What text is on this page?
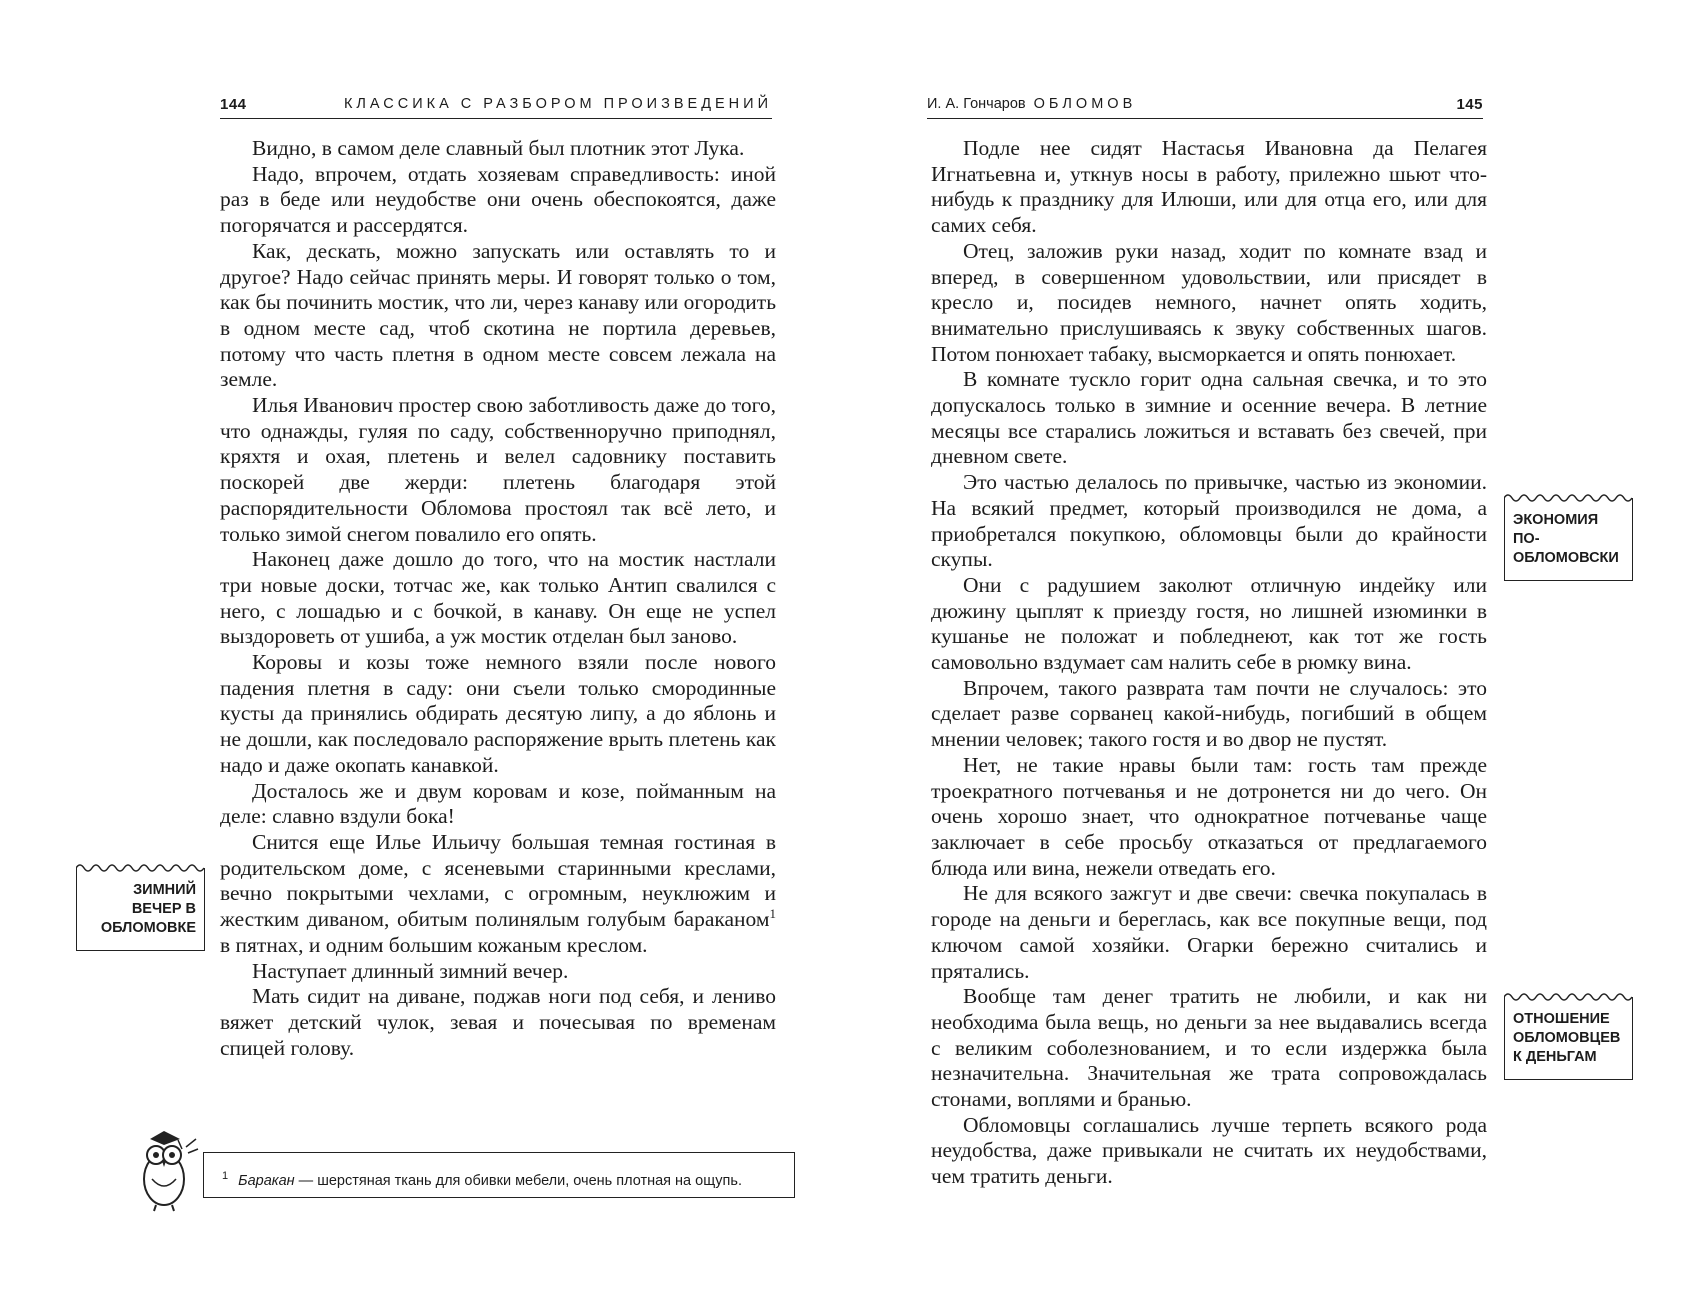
144	КЛАССИКА С РАЗБОРОМ ПРОИЗВЕДЕНИЙ

Видно, в самом деле славный был плотник этот Лука.

Надо, впрочем, отдать хозяевам справедливость: иной раз в беде или неудобстве они очень обеспокоятся, даже погорячатся и рассердятся.

Как, дескать, можно запускать или оставлять то и другое? Надо сейчас принять меры. И говорят только о том, как бы починить мостик, что ли, через канаву или огородить в одном месте сад, чтоб скотина не портила деревьев, потому что часть плетня в одном месте совсем лежала на земле.

Илья Иванович простер свою заботливость даже до того, что однажды, гуляя по саду, собственноручно приподнял, кряхтя и охая, плетень и велел садовнику поставить поскорей две жерди: плетень благодаря этой распорядительности Обломова простоял так всё лето, и только зимой снегом повалило его опять.

Наконец даже дошло до того, что на мостик настлали три новые доски, тотчас же, как только Антип свалился с него, с лошадью и с бочкой, в канаву. Он еще не успел выздороветь от ушиба, а уж мостик отделан был заново.

Коровы и козы тоже немного взяли после нового падения плетня в саду: они съели только смородинные кусты да принялись обдирать десятую липу, а до яблонь и не дошли, как последовало распоряжение врыть плетень как надо и даже окопать канавкой.

Досталось же и двум коровам и козе, пойманным на деле: славно вздули бока!

Снится еще Илье Ильичу большая темная гостиная в родительском доме, с ясеневыми старинными креслами, вечно покрытыми чехлами, с огромным, неуклюжим и жестким диваном, обитым полинялым голубым бараканом$^1$ в пятнах, и одним большим кожаным креслом.

Наступает длинный зимний вечер.

Мать сидит на диване, поджав ноги под себя, и лениво вяжет детский чулок, зевая и почесывая по временам спицей голову.

ЗИМНИЙ ВЕЧЕР В ОБЛОМОВКЕ
$^1$ Баракан — шерстяная ткань для обивки мебели, очень плотная на ощупь.
И. А. Гончаров ОБЛОМОВ	145

Подле нее сидят Настасья Ивановна да Пелагея Игнатьевна и, уткнув носы в работу, прилежно шьют что-нибудь к празднику для Илюши, или для отца его, или для самих себя.

Отец, заложив руки назад, ходит по комнате взад и вперед, в совершенном удовольствии, или присядет в кресло и, посидев немного, начнет опять ходить, внимательно прислушиваясь к звуку собственных шагов. Потом понюхает табаку, высморкается и опять понюхает.

В комнате тускло горит одна сальная свечка, и то это допускалось только в зимние и осенние вечера. В летние месяцы все старались ложиться и вставать без свечей, при дневном свете.

Это частью делалось по привычке, частью из экономии. На всякий предмет, который производился не дома, а приобретался покупкою, обломовцы были до крайности скупы.

Они с радушием заколют отличную индейку или дюжину цыплят к приезду гостя, но лишней изюминки в кушанье не положат и побледнеют, как тот же гость самовольно вздумает сам налить себе в рюмку вина.

Впрочем, такого разврата там почти не случалось: это сделает разве сорванец какой-нибудь, погибший в общем мнении человек; такого гостя и во двор не пустят.

Нет, не такие нравы были там: гость там прежде троекратного потчеванья и не дотронется ни до чего. Он очень хорошо знает, что однократное потчеванье чаще заключает в себе просьбу отказаться от предлагаемого блюда или вина, нежели отведать его.

Не для всякого зажгут и две свечи: свечка покупалась в городе на деньги и береглась, как все покупные вещи, под ключом самой хозяйки. Огарки бережно считались и прятались.

Вообще там денег тратить не любили, и как ни необходима была вещь, но деньги за нее выдавались всегда с великим соболезнованием, и то если издержка была незначительна. Значительная же трата сопровождалась стонами, воплями и бранью.

Обломовцы соглашались лучше терпеть всякого рода неудобства, даже привыкали не считать их неудобствами, чем тратить деньги.

ЭКОНОМИЯ ПО-ОБЛОМОВСКИ
ОТНОШЕНИЕ ОБЛОМОВЦЕВ К ДЕНЬГАМ
